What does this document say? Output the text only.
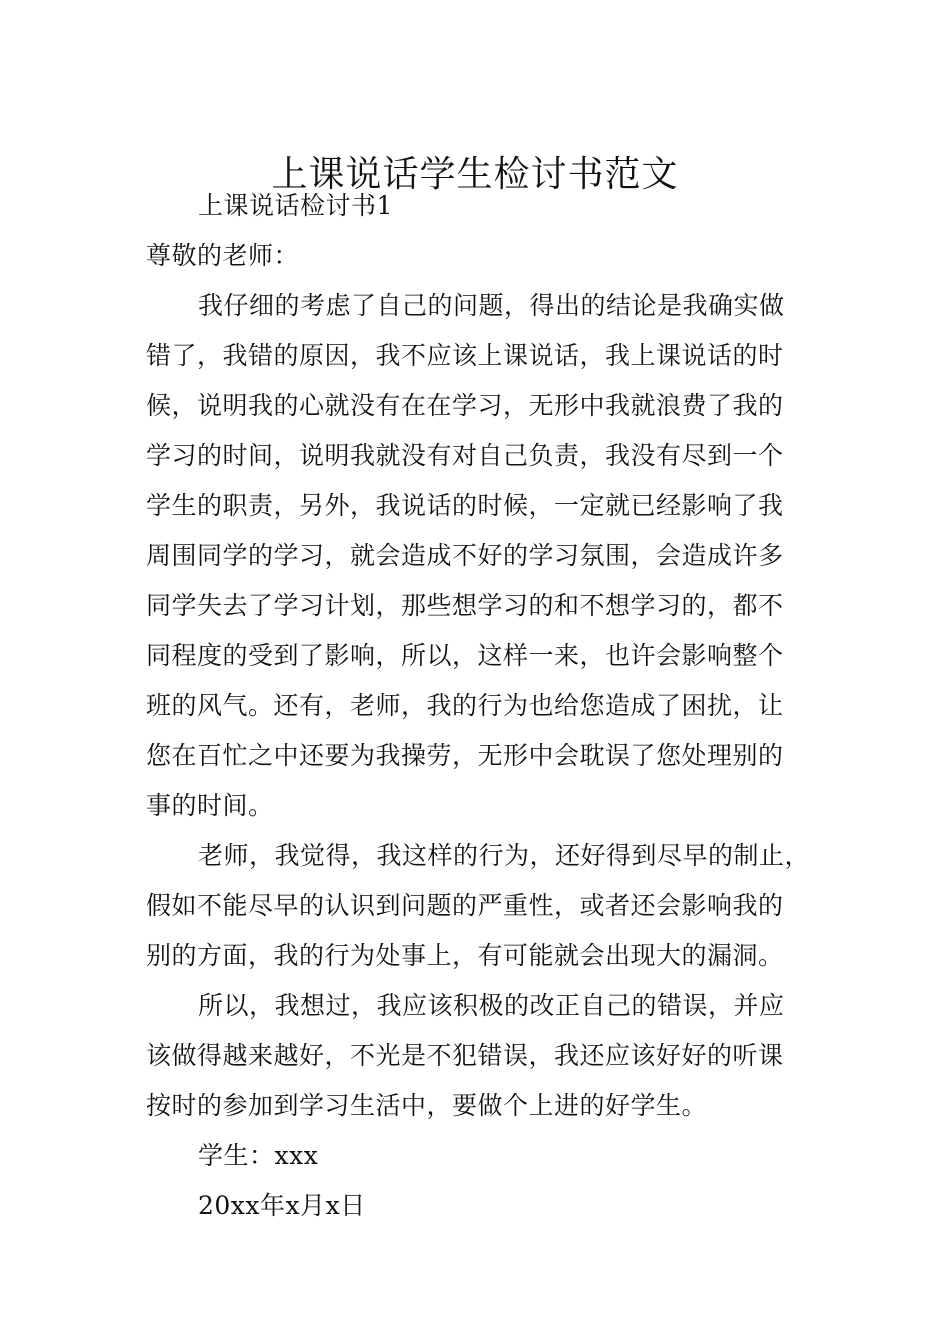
上课说话学生检讨书范文
上课说话检讨书1
尊敬的老师：
我仔细的考虑了自己的问题，得出的结论是我确实做
错了，我错的原因，我不应该上课说话，我上课说话的时
候，说明我的心就没有在在学习，无形中我就浪费了我的
学习的时间，说明我就没有对自己负责，我没有尽到一个
学生的职责，另外，我说话的时候，一定就已经影响了我
周围同学的学习，就会造成不好的学习氛围，会造成许多
同学失去了学习计划，那些想学习的和不想学习的，都不
同程度的受到了影响，所以，这样一来，也许会影响整个
班的风气。还有，老师，我的行为也给您造成了困扰，让
您在百忙之中还要为我操劳，无形中会耽误了您处理别的
事的时间。
老师，我觉得，我这样的行为，还好得到尽早的制止，
假如不能尽早的认识到问题的严重性，或者还会影响我的
别的方面，我的行为处事上，有可能就会出现大的漏洞。
所以，我想过，我应该积极的改正自己的错误，并应
该做得越来越好，不光是不犯错误，我还应该好好的听课
按时的参加到学习生活中，要做个上进的好学生。
学生：xxx
20xx年x月x日
